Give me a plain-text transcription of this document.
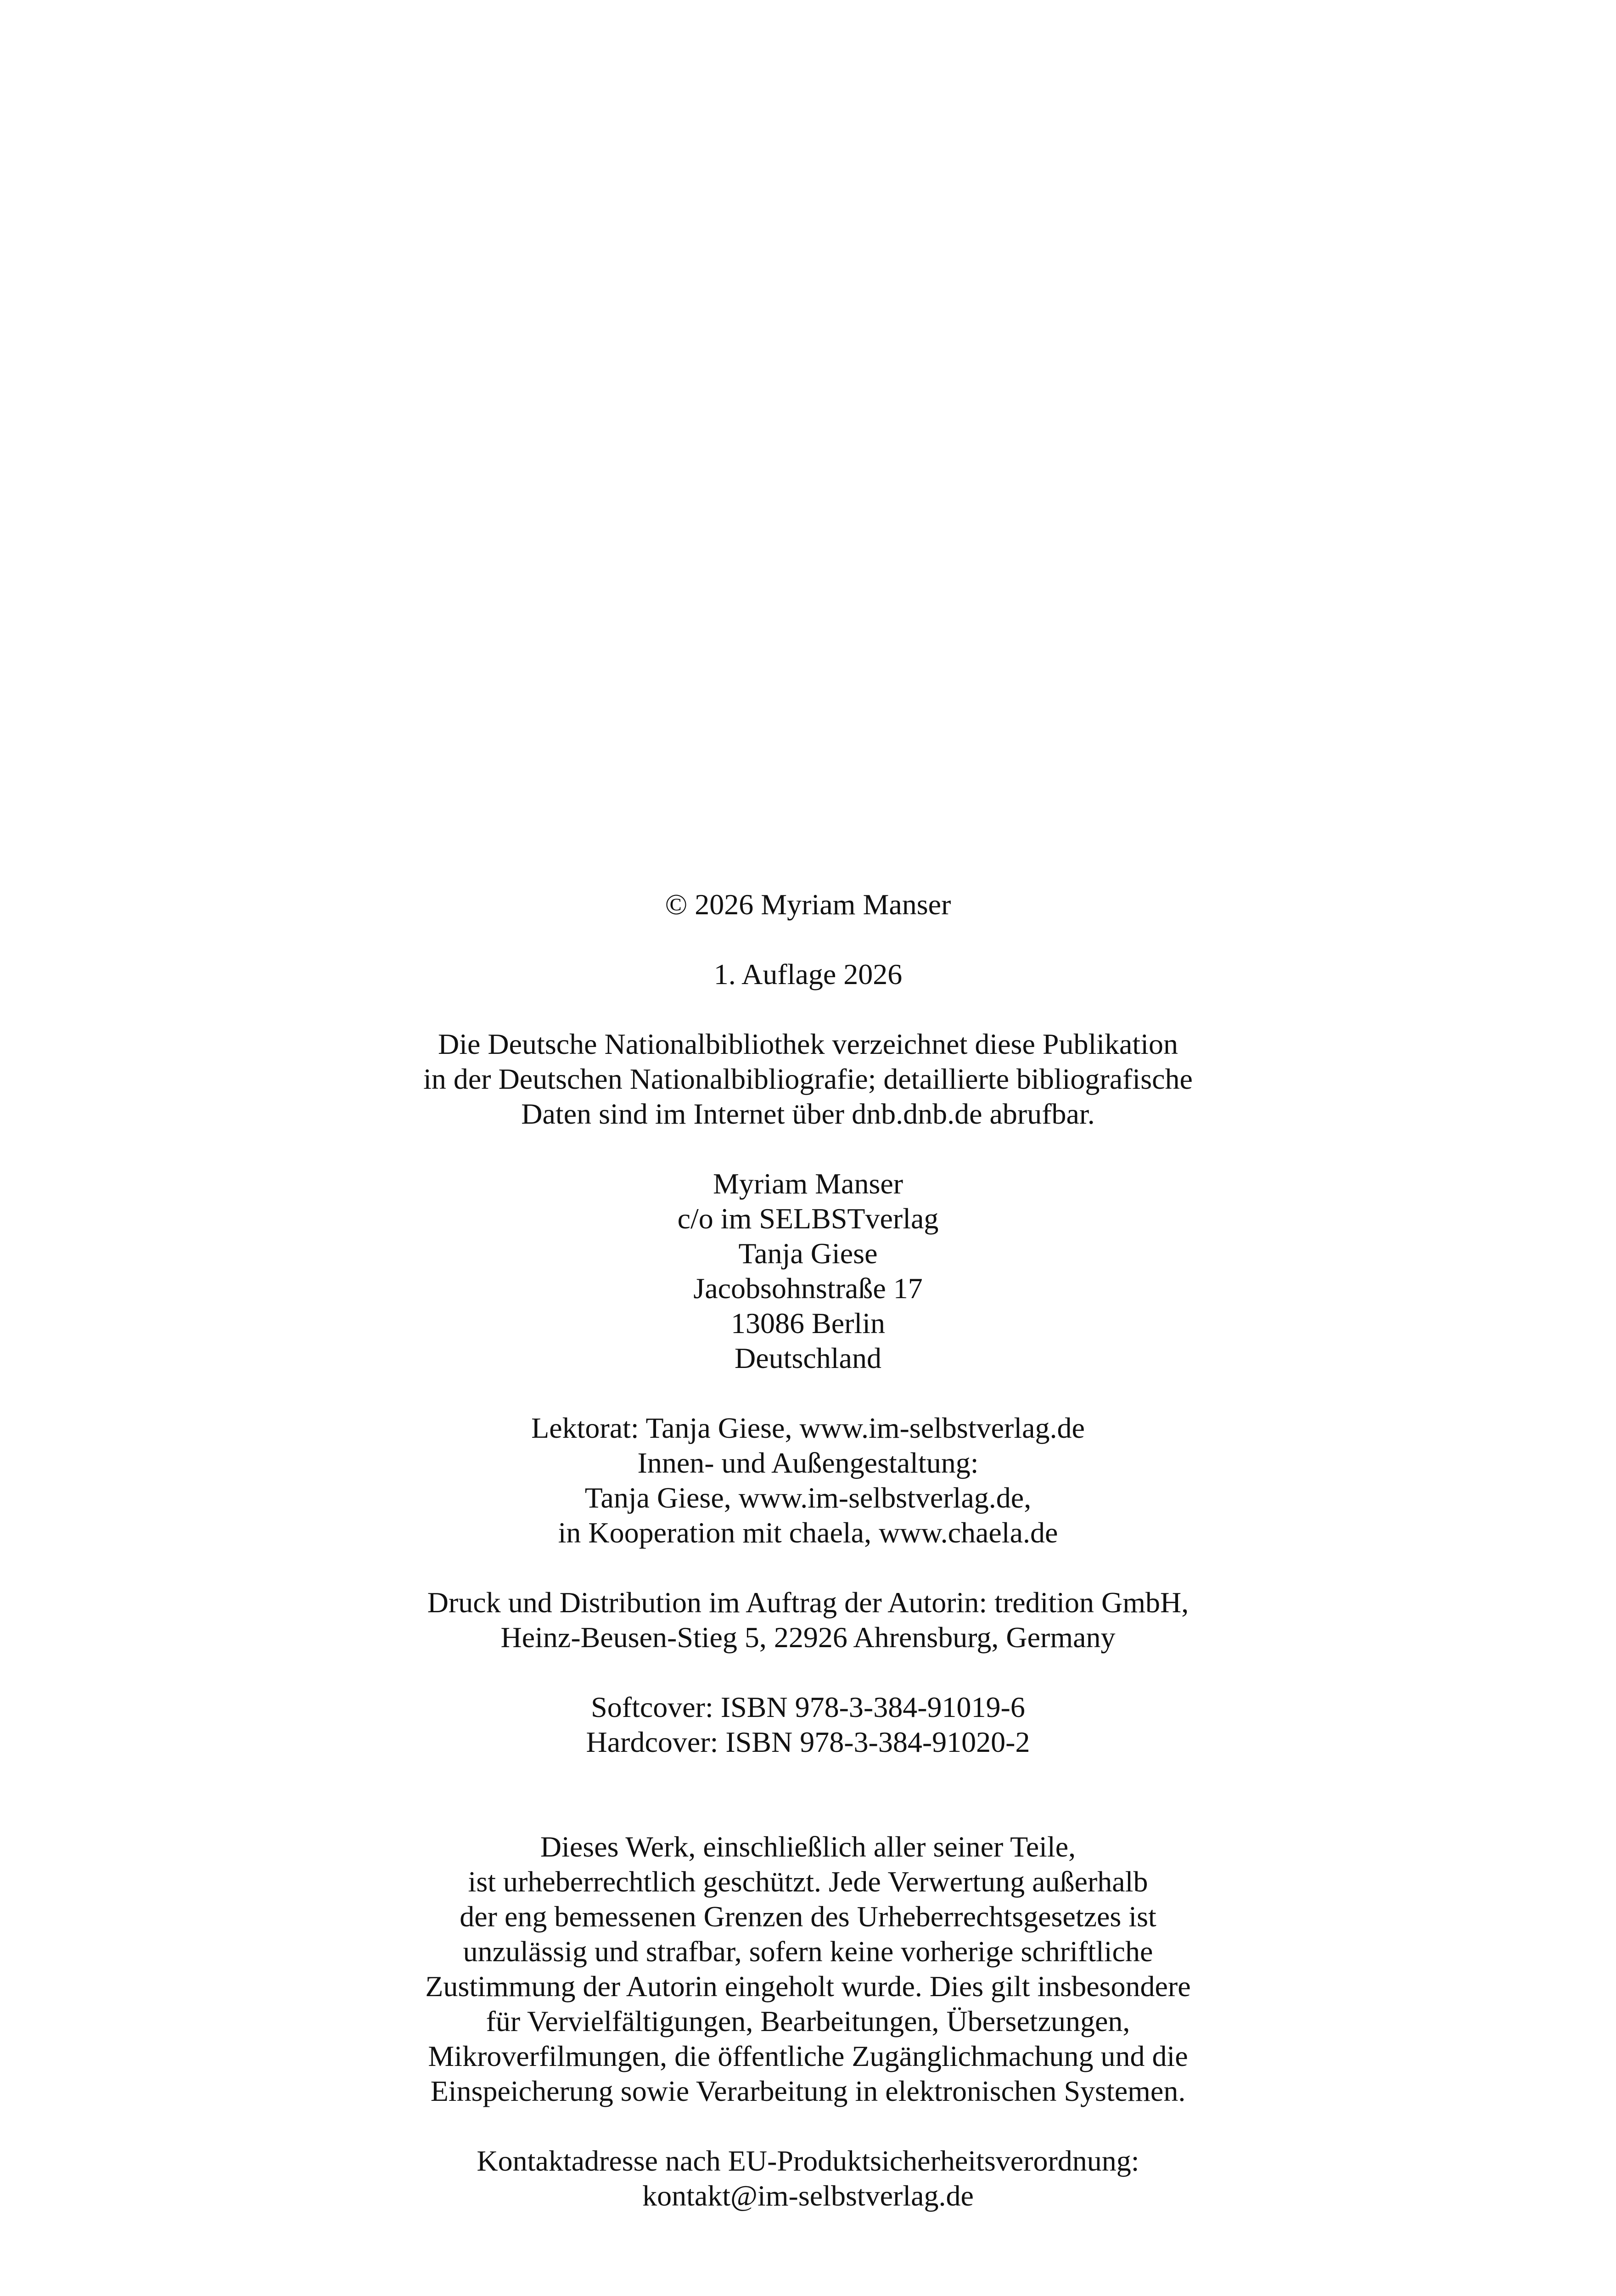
© 2026 Myriam Manser
1. Auflage 2026
Die Deutsche Nationalbibliothek verzeichnet diese Publikation
in der Deutschen Nationalbibliografie; detaillierte bibliografische
Daten sind im Internet über dnb.dnb.de abrufbar.
Myriam Manser
c/o im SELBSTverlag
Tanja Giese
Jacobsohnstraße 17
13086 Berlin
Deutschland
Lektorat: Tanja Giese, www.im-selbstverlag.de
Innen- und Außengestaltung:
Tanja Giese, www.im-selbstverlag.de,
in Kooperation mit chaela, www.chaela.de
Druck und Distribution im Auftrag der Autorin: tredition GmbH,
Heinz-Beusen-Stieg 5, 22926 Ahrensburg, Germany
Softcover: ISBN 978-3-384-91019-6
Hardcover: ISBN 978-3-384-91020-2
Dieses Werk, einschließlich aller seiner Teile,
ist urheberrechtlich geschützt. Jede Verwertung außerhalb
der eng bemessenen Grenzen des Urheberrechtsgesetzes ist
unzulässig und strafbar, sofern keine vorherige schriftliche
Zustimmung der Autorin eingeholt wurde. Dies gilt insbesondere
für Vervielfältigungen, Bearbeitungen, Übersetzungen,
Mikroverfilmungen, die öffentliche Zugänglichmachung und die
Einspeicherung sowie Verarbeitung in elektronischen Systemen.
Kontaktadresse nach EU-Produktsicherheitsverordnung:
kontakt@im-selbstverlag.de
